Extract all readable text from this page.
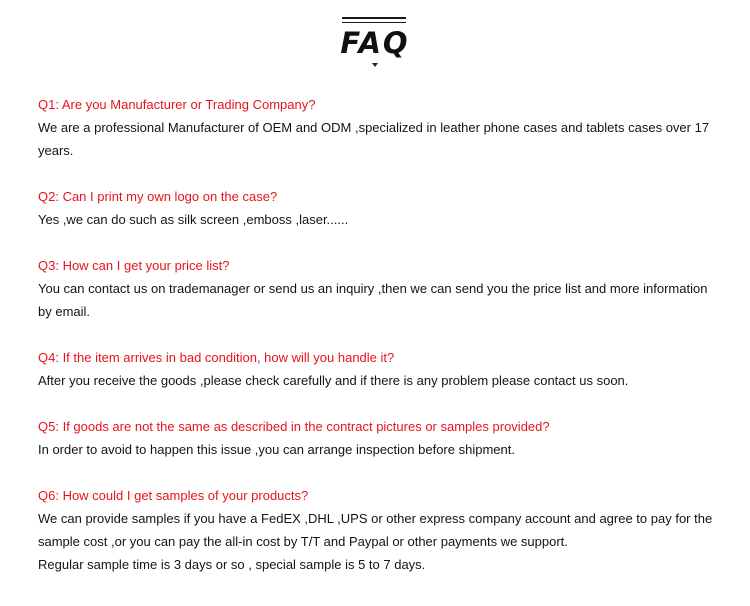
FAQ
Q1: Are you Manufacturer or Trading Company?
We are a professional Manufacturer of OEM and ODM ,specialized in leather phone cases and tablets cases over 17 years.
Q2: Can I print my own logo on the case?
Yes ,we can do such as silk screen ,emboss ,laser......
Q3: How can I get your price list?
You can contact us on trademanager or send us an inquiry ,then we can send you the price list and more information by email.
Q4: If the item arrives in bad condition, how will you handle it?
After you receive the goods ,please check carefully and if there is any problem please contact us soon.
Q5: If goods are not the same as described in the contract pictures or samples provided?
In order to avoid to happen this issue ,you can arrange inspection before shipment.
Q6: How could I get samples of your products?
We can provide samples if you have a FedEX ,DHL ,UPS or other express company account and agree to pay for the sample cost ,or you can pay the all-in cost by T/T and Paypal or other payments we support.
Regular sample time is 3 days or so , special sample is 5 to 7 days.
